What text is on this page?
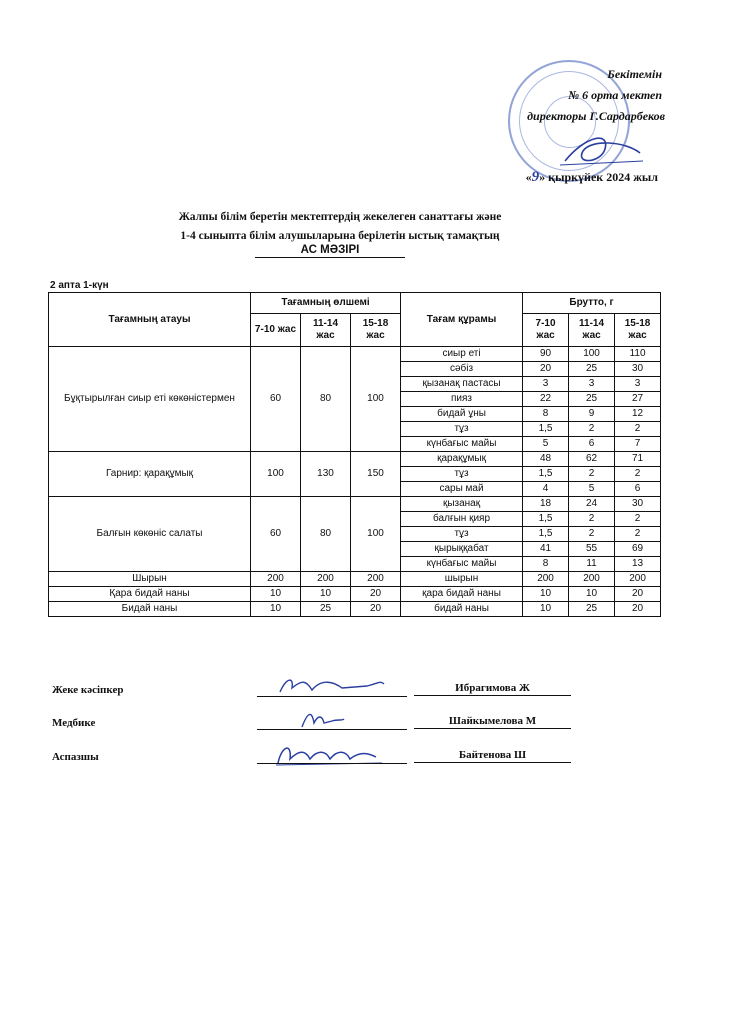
Бекітемін
№ 6 орта мектеп
директоры Г.Сардарбеков
«9» қыркүйек 2024 жыл
Жалпы білім беретін мектептердің жекелеген санаттағы және
1-4 сыныпта білім алушыларына берілетін ыстық тамақтың
АС МӘЗІРІ
2 апта 1-күн
Тағамның атауы	Тағамның өлшемі			Тағам құрамы	Брутто, г		
	7-10 жас	11-14 жас	15-18 жас		7-10 жас	11-14 жас	15-18 жас
Бұқтырылған сиыр еті көкөністермен	60	80	100	сиыр еті	90	100	110
				сәбіз	20	25	30
				қызанақ пастасы	3	3	3
				пияз	22	25	27
				бидай ұны	8	9	12
				тұз	1,5	2	2
				күнбағыс майы	5	6	7
Гарнир: қарақұмық	100	130	150	қарақұмық	48	62	71
				тұз	1,5	2	2
				сары май	4	5	6
Балғын көкөніс салаты	60	80	100	қызанақ	18	24	30
				балғын қияр	1,5	2	2
				тұз	1,5	2	2
				қырыққабат	41	55	69
				күнбағыс майы	8	11	13
Шырын	200	200	200	шырын	200	200	200
Қара бидай наны	10	10	20	қара бидай наны	10	10	20
Бидай наны	10	25	20	бидай наны	10	25	20
Жеке кәсіпкер	Ибрагимова Ж
Медбике	Шайкымелова М
Аспазшы	Байтенова Ш
